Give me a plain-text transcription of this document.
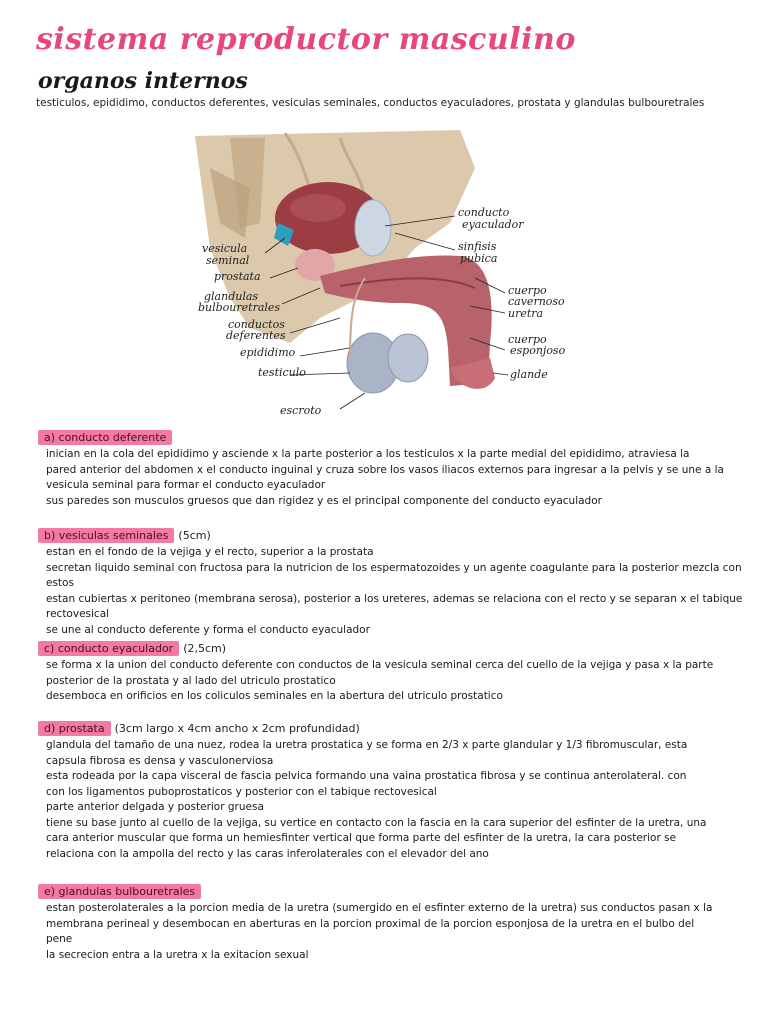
sistema reproductor masculino
organos internos

testiculos, epididimo, conductos deferentes, vesiculas seminales, conductos eyaculadores, prostata y glandulas bulbouretrales

conducto eyaculador
sinfisis pubica
vesicula seminal
prostata
glandulas bulbouretrales
conductos deferentes
epididimo
testiculo
escroto
cuerpo cavernoso
uretra
cuerpo esponjoso
glande
a) conducto deferente

inician en la cola del epididimo y asciende x la parte posterior a los testiculos x la parte medial del epididimo, atraviesa la

pared anterior del abdomen x el conducto inguinal y cruza sobre los vasos iliacos externos para ingresar a la pelvis y se une a la

vesicula seminal para formar el conducto eyaculador

sus paredes son musculos gruesos que dan rigidez y es el principal componente del conducto eyaculador

b) vesiculas seminales (5cm)

estan en el fondo de la vejiga y el recto, superior a la prostata

secretan liquido seminal con fructosa para la nutricion de los espermatozoides y un agente coagulante para la posterior mezcla con estos

estan cubiertas x peritoneo (membrana serosa), posterior a los ureteres, ademas se relaciona con el recto y se separan x el tabique

rectovesical

se une al conducto deferente y forma el conducto eyaculador

c) conducto eyaculador (2,5cm)

se forma x la union del conducto deferente con conductos de la vesicula seminal cerca del cuello de la vejiga y pasa x la parte

posterior de la prostata y al lado del utriculo prostatico

desemboca en orificios en los coliculos seminales en la abertura del utriculo prostatico

d) prostata (3cm largo x 4cm ancho x 2cm profundidad)

glandula del tamaño de una nuez, rodea la uretra prostatica y se forma en 2/3 x parte glandular y 1/3 fibromuscular, esta

capsula fibrosa es densa y vasculonerviosa

esta rodeada por la capa visceral de fascia pelvica formando una vaina prostatica fibrosa y se continua anterolateral. con

con los ligamentos puboprostaticos y posterior con el tabique rectovesical

parte anterior delgada y posterior gruesa

tiene su base junto al cuello de la vejiga, su vertice en contacto con la fascia en la cara superior del esfinter de la uretra, una

cara anterior muscular que forma un hemiesfinter vertical que forma parte del esfinter de la uretra, la cara posterior se

relaciona con la ampolla del recto y las caras inferolaterales con el elevador del ano

e) glandulas bulbouretrales

estan posterolaterales a la porcion media de la uretra (sumergido en el esfinter externo de la uretra) sus conductos pasan x la

membrana perineal y desembocan en aberturas en la porcion proximal de la porcion esponjosa de la uretra en el bulbo del

pene

la secrecion entra a la uretra x la exitacion sexual
